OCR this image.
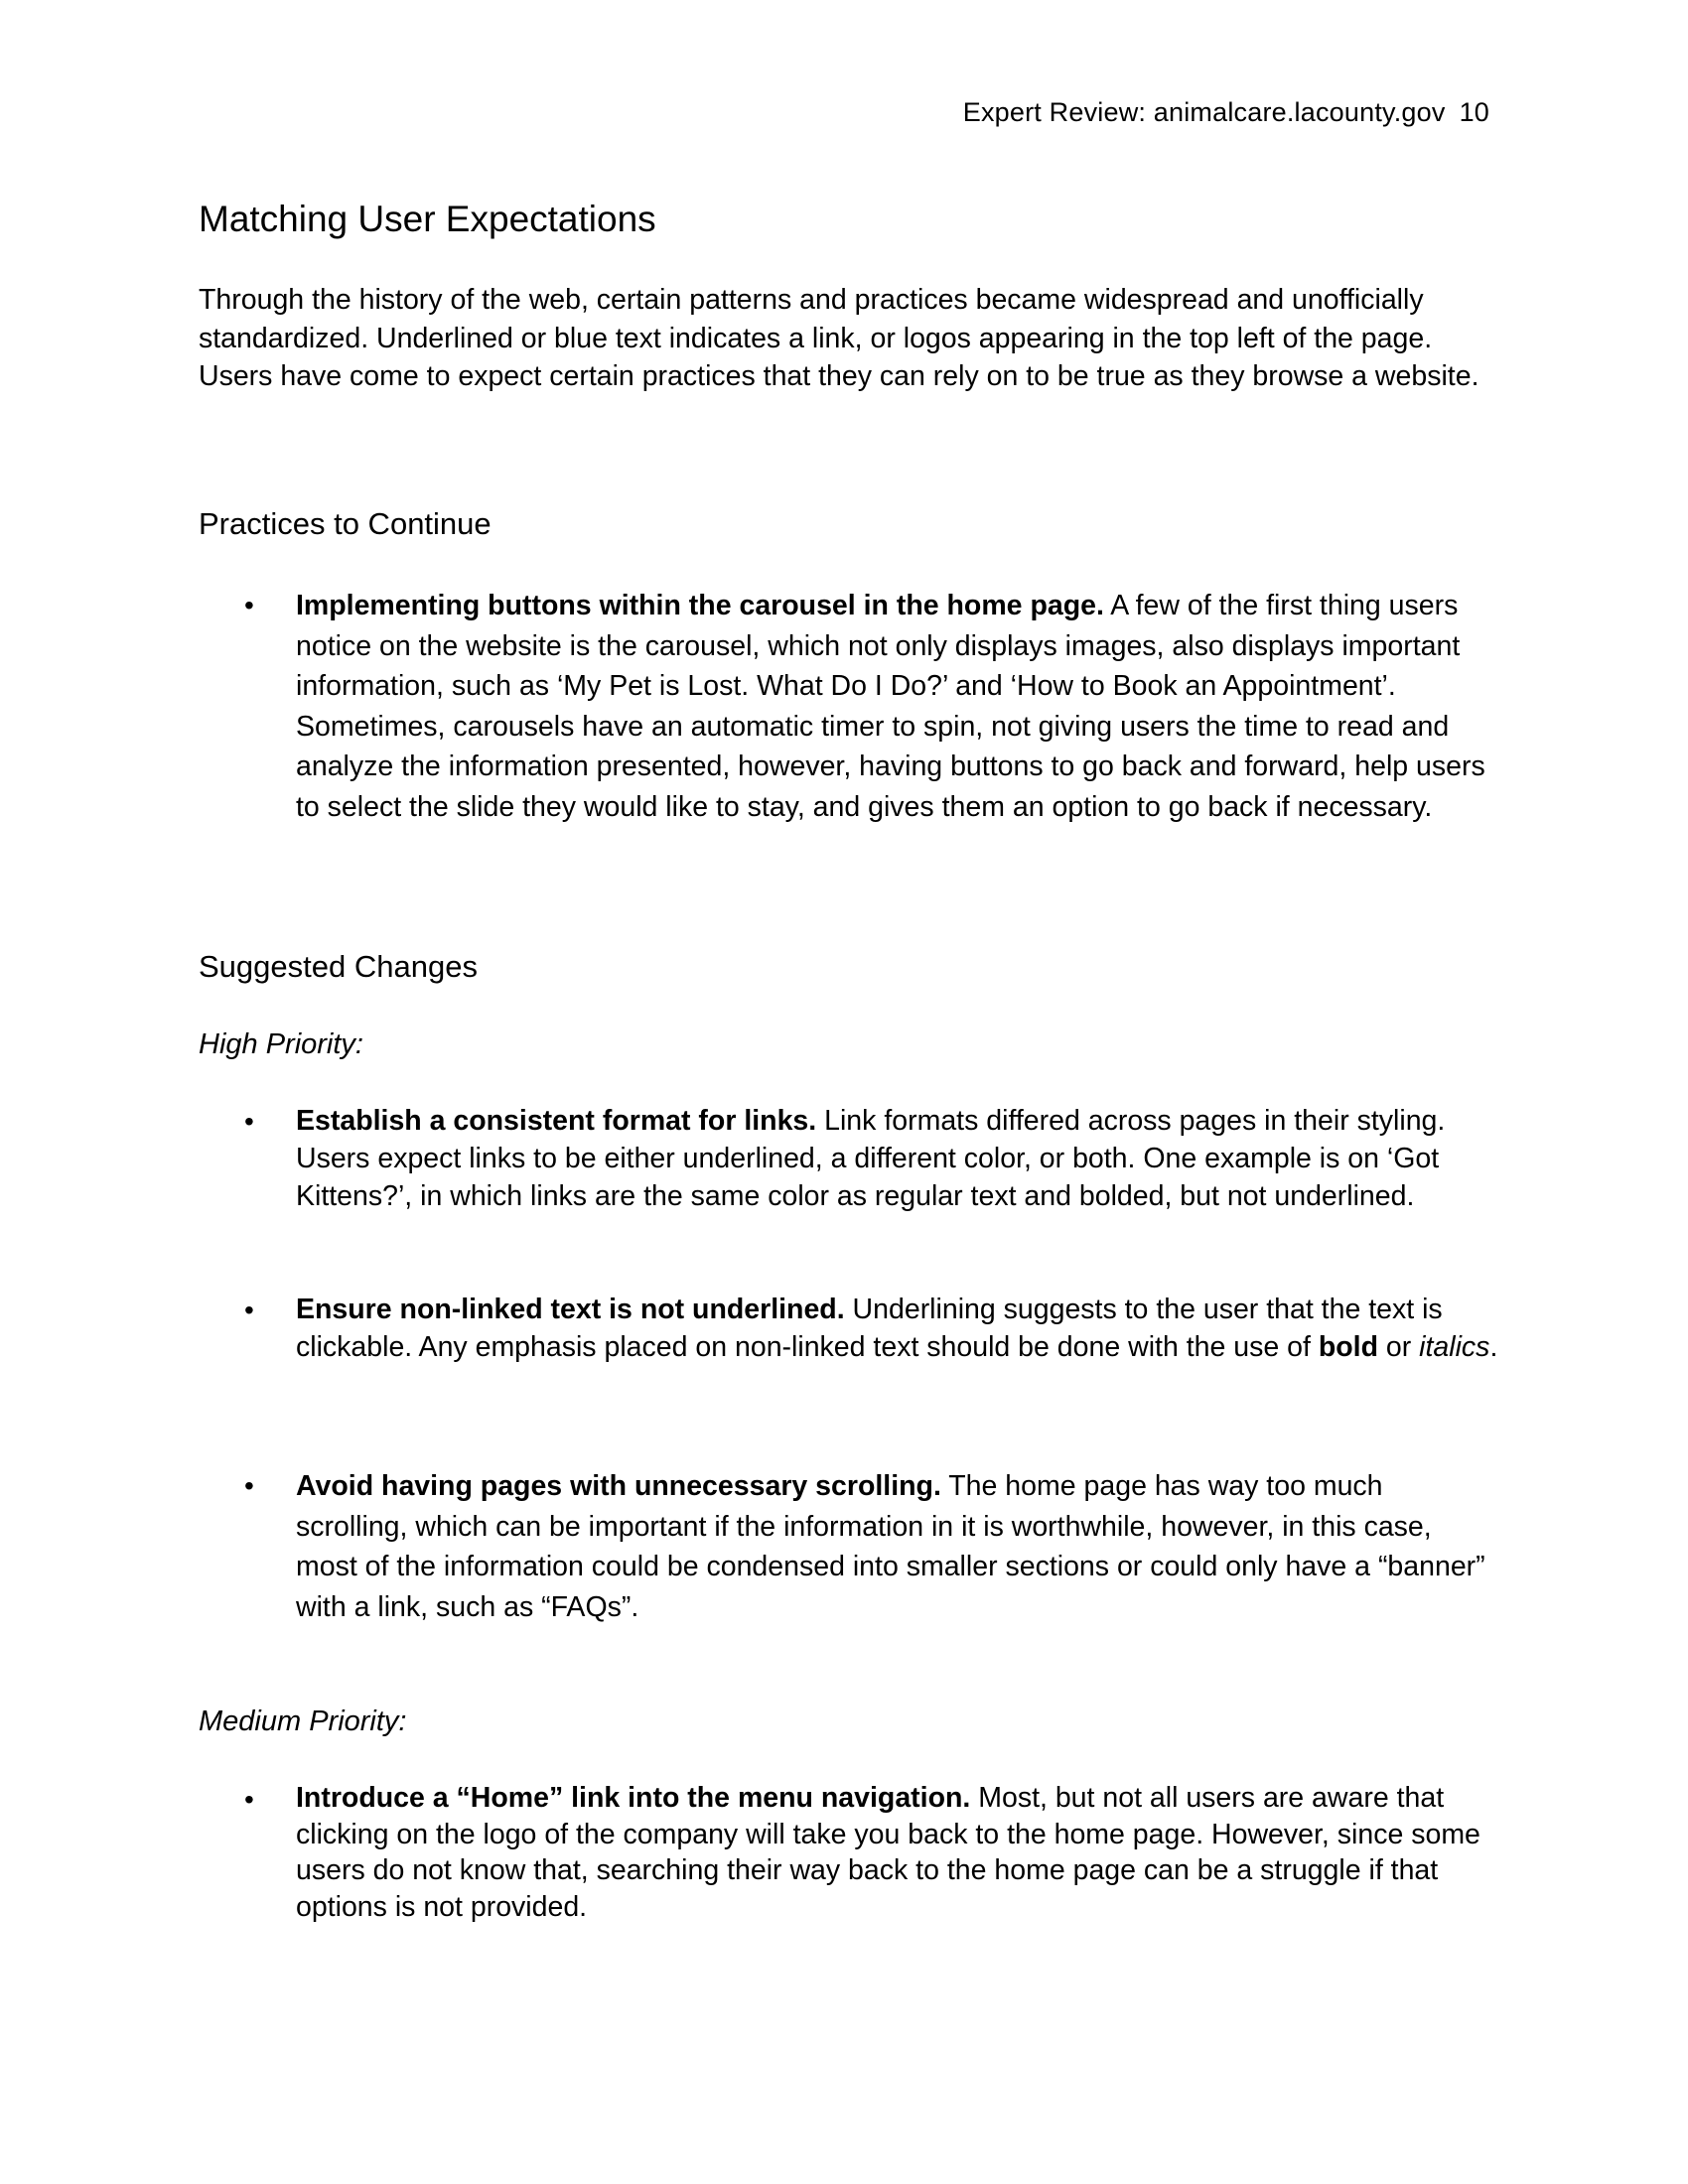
Expert Review: animalcare.lacounty.gov 10
Matching User Expectations

Through the history of the web, certain patterns and practices became widespread and unofficially standardized. Underlined or blue text indicates a link, or logos appearing in the top left of the page. Users have come to expect certain practices that they can rely on to be true as they browse a website.

Practices to Continue
• Implementing buttons within the carousel in the home page. A few of the first thing users notice on the website is the carousel, which not only displays images, also displays important information, such as ‘My Pet is Lost. What Do I Do?’ and ‘How to Book an Appointment’. Sometimes, carousels have an automatic timer to spin, not giving users the time to read and analyze the information presented, however, having buttons to go back and forward, help users to select the slide they would like to stay, and gives them an option to go back if necessary.
Suggested Changes

High Priority:

• Establish a consistent format for links. Link formats differed across pages in their styling. Users expect links to be either underlined, a different color, or both. One example is on ‘Got Kittens?’, in which links are the same color as regular text and bolded, but not underlined.
• Ensure non-linked text is not underlined. Underlining suggests to the user that the text is clickable. Any emphasis placed on non-linked text should be done with the use of bold or italics.
• Avoid having pages with unnecessary scrolling. The home page has way too much scrolling, which can be important if the information in it is worthwhile, however, in this case, most of the information could be condensed into smaller sections or could only have a “banner” with a link, such as “FAQs”.

Medium Priority:

• Introduce a “Home” link into the menu navigation. Most, but not all users are aware that clicking on the logo of the company will take you back to the home page. However, since some users do not know that, searching their way back to the home page can be a struggle if that options is not provided.
